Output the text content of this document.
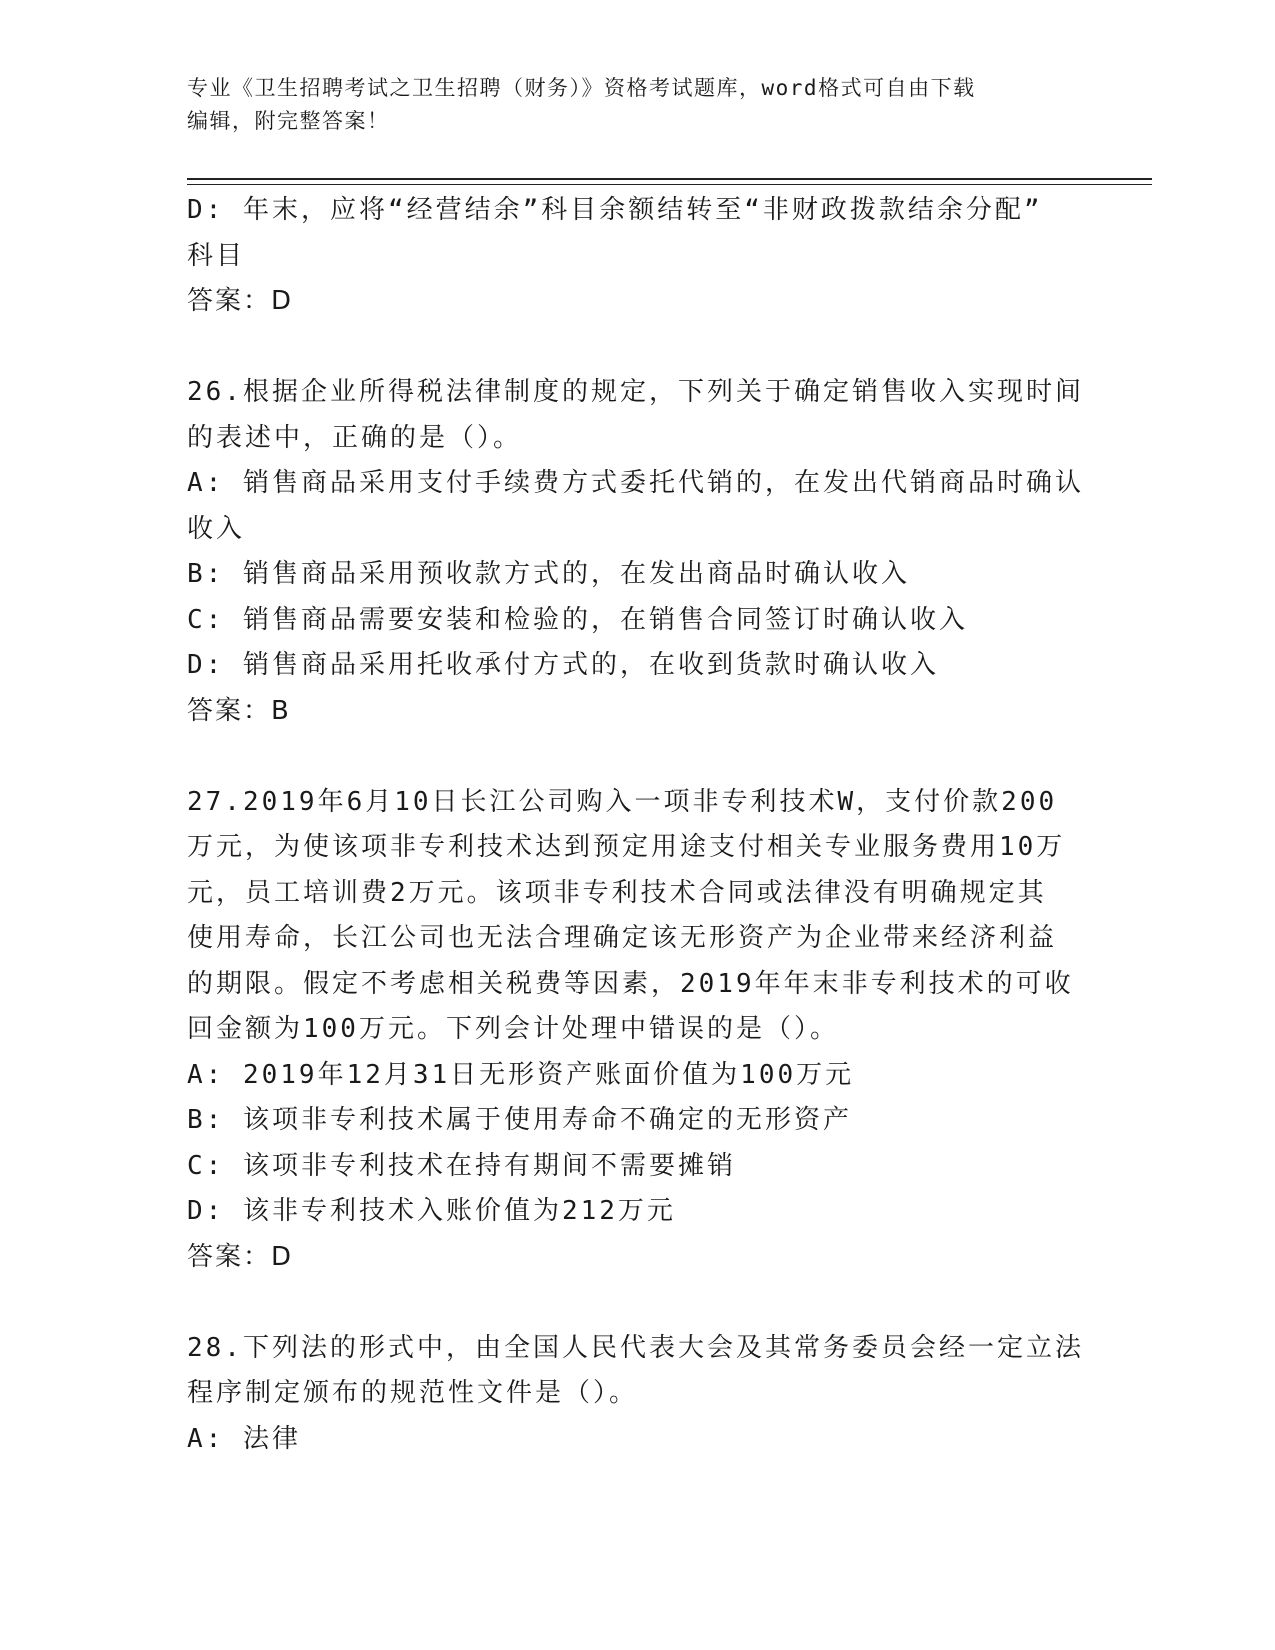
专业《卫生招聘考试之卫生招聘（财务）》资格考试题库，word格式可自由下载
编辑，附完整答案！
D: 年末，应将“经营结余”科目余额结转至“非财政拨款结余分配”
科目
答案：D
26.根据企业所得税法律制度的规定，下列关于确定销售收入实现时间
的表述中，正确的是（）。
A: 销售商品采用支付手续费方式委托代销的，在发出代销商品时确认
收入
B: 销售商品采用预收款方式的，在发出商品时确认收入
C: 销售商品需要安装和检验的，在销售合同签订时确认收入
D: 销售商品采用托收承付方式的，在收到货款时确认收入
答案：B
27.2019年6月10日长江公司购入一项非专利技术W，支付价款200
万元，为使该项非专利技术达到预定用途支付相关专业服务费用10万
元，员工培训费2万元。该项非专利技术合同或法律没有明确规定其
使用寿命，长江公司也无法合理确定该无形资产为企业带来经济利益
的期限。假定不考虑相关税费等因素，2019年年末非专利技术的可收
回金额为100万元。下列会计处理中错误的是（）。
A: 2019年12月31日无形资产账面价值为100万元
B: 该项非专利技术属于使用寿命不确定的无形资产
C: 该项非专利技术在持有期间不需要摊销
D: 该非专利技术入账价值为212万元
答案：D
28.下列法的形式中，由全国人民代表大会及其常务委员会经一定立法
程序制定颁布的规范性文件是（）。
A: 法律
